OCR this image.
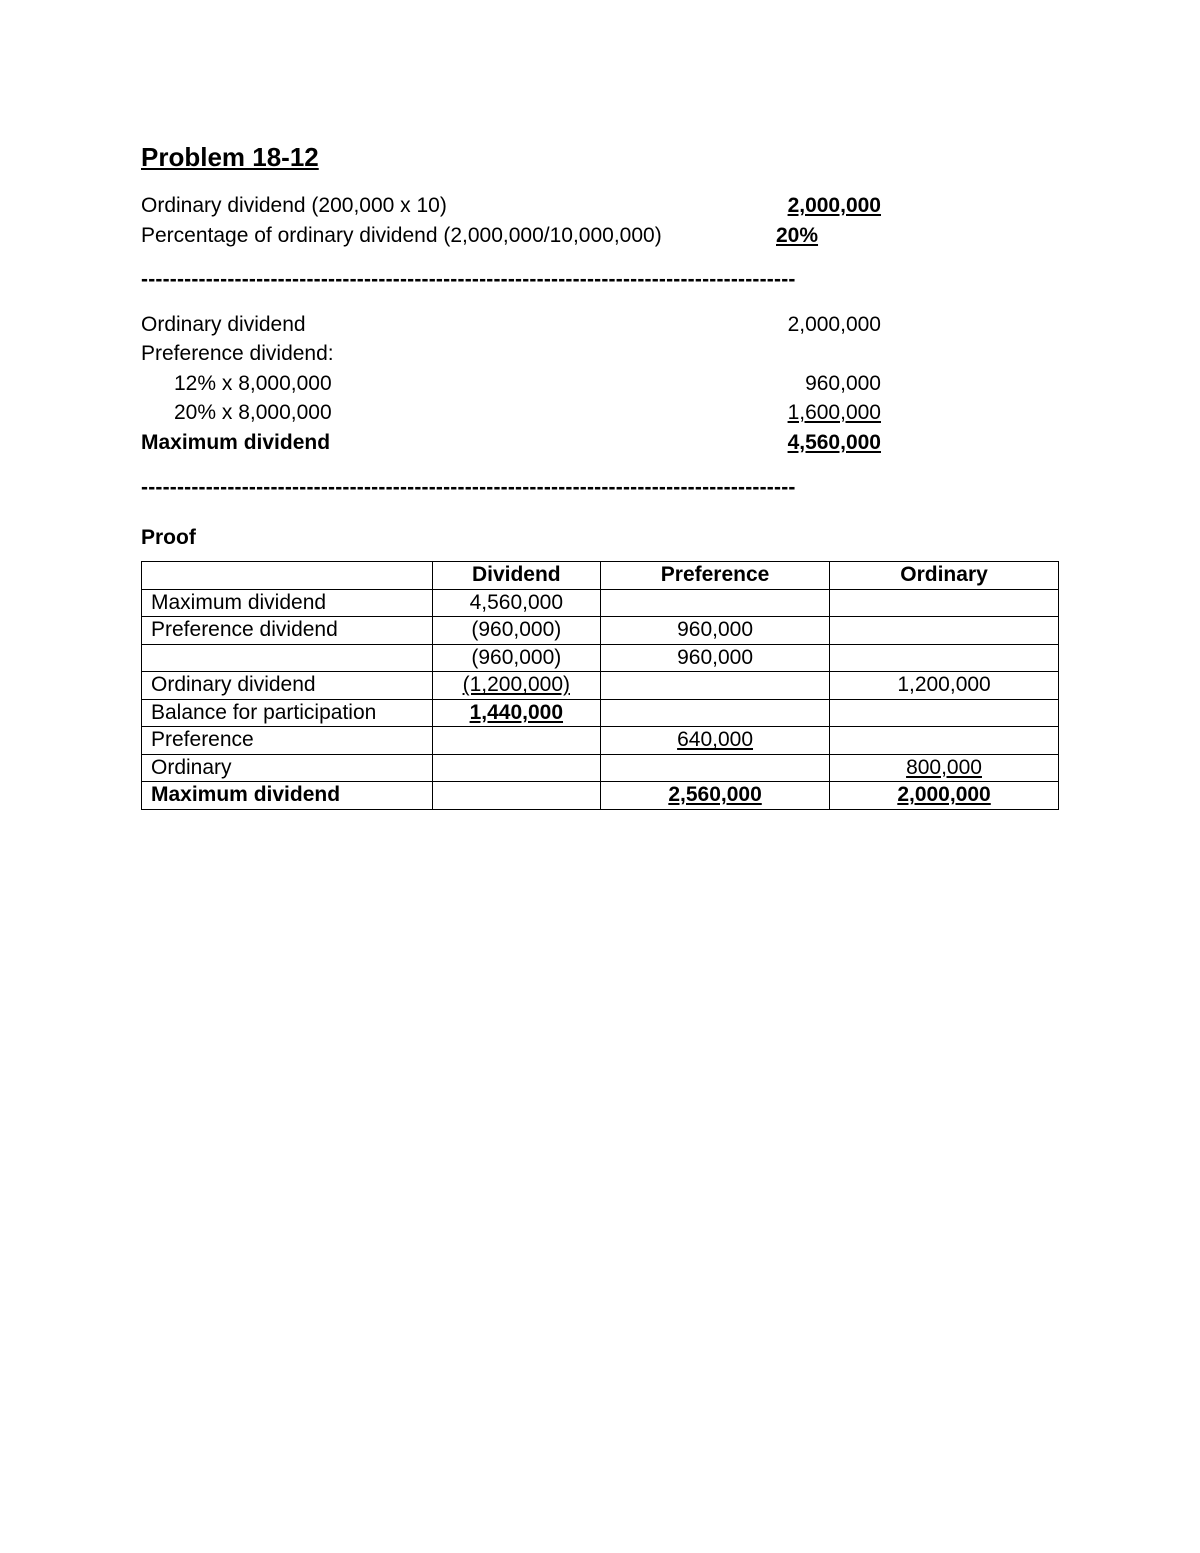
Problem 18-12
Ordinary dividend (200,000 x 10)	2,000,000
Percentage of ordinary dividend (2,000,000/10,000,000)	20%
-------------------------------------------------------------------------------------------
Ordinary dividend	2,000,000
Preference dividend:
12% x 8,000,000	960,000
20% x 8,000,000	1,600,000
Maximum dividend	4,560,000
-------------------------------------------------------------------------------------------
Proof
	Dividend	Preference	Ordinary
Maximum dividend	4,560,000		
Preference dividend	(960,000)	960,000	
	(960,000)	960,000	
Ordinary dividend	(1,200,000)		1,200,000
Balance for participation	1,440,000		
Preference		640,000	
Ordinary			800,000
Maximum dividend		2,560,000	2,000,000
